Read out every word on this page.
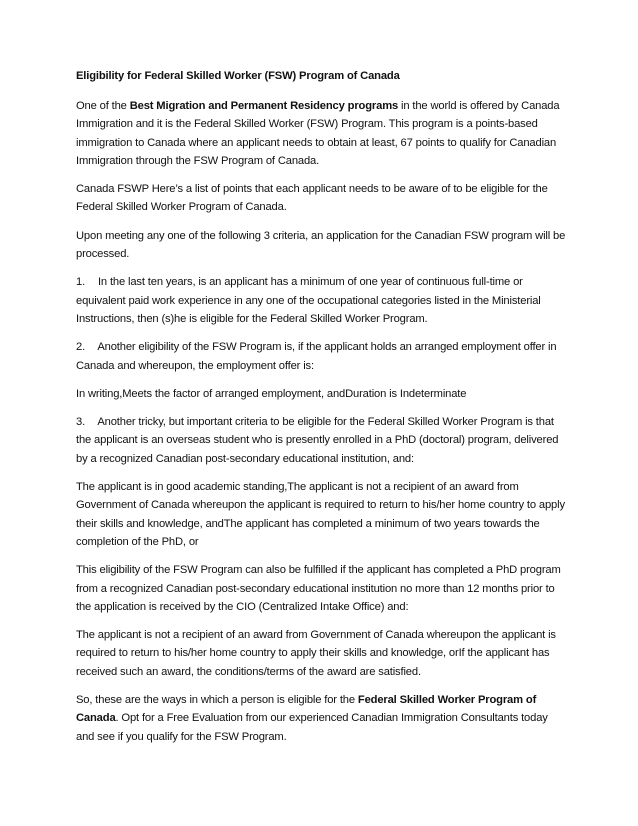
Eligibility for Federal Skilled Worker (FSW) Program of Canada

One of the Best Migration and Permanent Residency programs in the world is offered by Canada Immigration and it is the Federal Skilled Worker (FSW) Program. This program is a points-based immigration to Canada where an applicant needs to obtain at least, 67 points to qualify for Canadian Immigration through the FSW Program of Canada.

Canada FSWP Here’s a list of points that each applicant needs to be aware of to be eligible for the Federal Skilled Worker Program of Canada.

Upon meeting any one of the following 3 criteria, an application for the Canadian FSW program will be processed.

1. In the last ten years, is an applicant has a minimum of one year of continuous full-time or equivalent paid work experience in any one of the occupational categories listed in the Ministerial Instructions, then (s)he is eligible for the Federal Skilled Worker Program.

2. Another eligibility of the FSW Program is, if the applicant holds an arranged employment offer in Canada and whereupon, the employment offer is:

In writing,Meets the factor of arranged employment, andDuration is Indeterminate

3. Another tricky, but important criteria to be eligible for the Federal Skilled Worker Program is that the applicant is an overseas student who is presently enrolled in a PhD (doctoral) program, delivered by a recognized Canadian post-secondary educational institution, and:

The applicant is in good academic standing,The applicant is not a recipient of an award from Government of Canada whereupon the applicant is required to return to his/her home country to apply their skills and knowledge, andThe applicant has completed a minimum of two years towards the completion of the PhD, or

This eligibility of the FSW Program can also be fulfilled if the applicant has completed a PhD program from a recognized Canadian post-secondary educational institution no more than 12 months prior to the application is received by the CIO (Centralized Intake Office) and:

The applicant is not a recipient of an award from Government of Canada whereupon the applicant is required to return to his/her home country to apply their skills and knowledge, orIf the applicant has received such an award, the conditions/terms of the award are satisfied.

So, these are the ways in which a person is eligible for the Federal Skilled Worker Program of Canada. Opt for a Free Evaluation from our experienced Canadian Immigration Consultants today and see if you qualify for the FSW Program.
